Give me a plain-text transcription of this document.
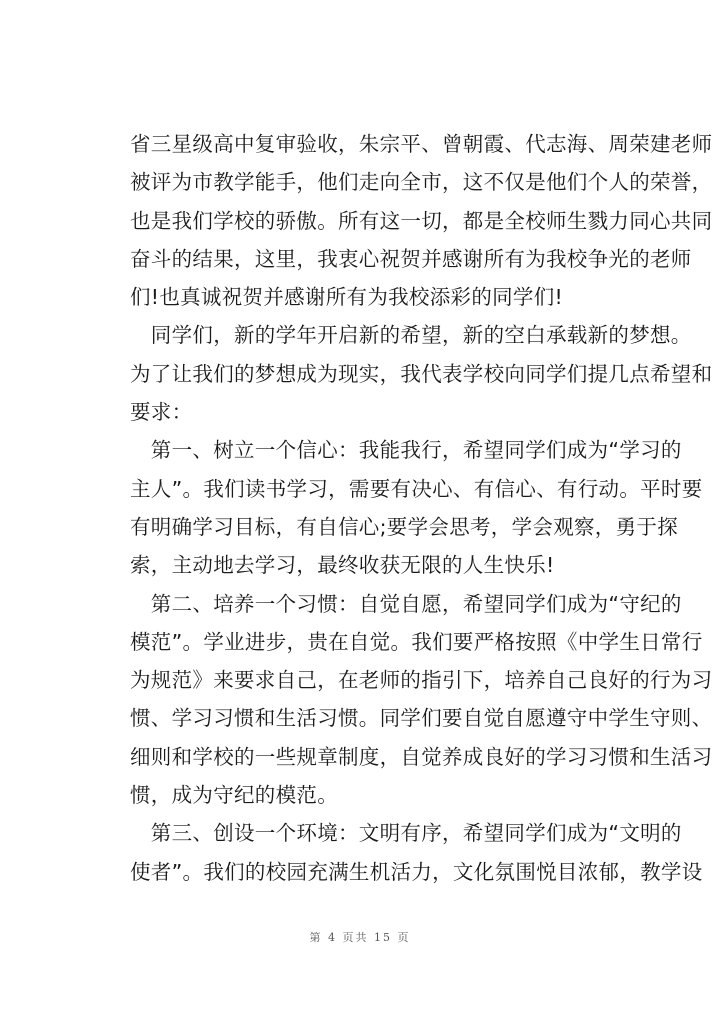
省三星级高中复审验收，朱宗平、曾朝霞、代志海、周荣建老师
被评为市教学能手，他们走向全市，这不仅是他们个人的荣誉，
也是我们学校的骄傲。所有这一切，都是全校师生戮力同心共同
奋斗的结果，这里，我衷心祝贺并感谢所有为我校争光的老师
们!也真诚祝贺并感谢所有为我校添彩的同学们!
　同学们，新的学年开启新的希望，新的空白承载新的梦想。
为了让我们的梦想成为现实，我代表学校向同学们提几点希望和
要求：
　第一、树立一个信心：我能我行，希望同学们成为“学习的
主人”。我们读书学习，需要有决心、有信心、有行动。平时要
有明确学习目标，有自信心;要学会思考，学会观察，勇于探
索，主动地去学习，最终收获无限的人生快乐!
　第二、培养一个习惯：自觉自愿，希望同学们成为“守纪的
模范”。学业进步，贵在自觉。我们要严格按照《中学生日常行
为规范》来要求自己，在老师的指引下，培养自己良好的行为习
惯、学习习惯和生活习惯。同学们要自觉自愿遵守中学生守则、
细则和学校的一些规章制度，自觉养成良好的学习习惯和生活习
惯，成为守纪的模范。
　第三、创设一个环境：文明有序，希望同学们成为“文明的
使者”。我们的校园充满生机活力，文化氛围悦目浓郁，教学设
第 4 页共 15 页
